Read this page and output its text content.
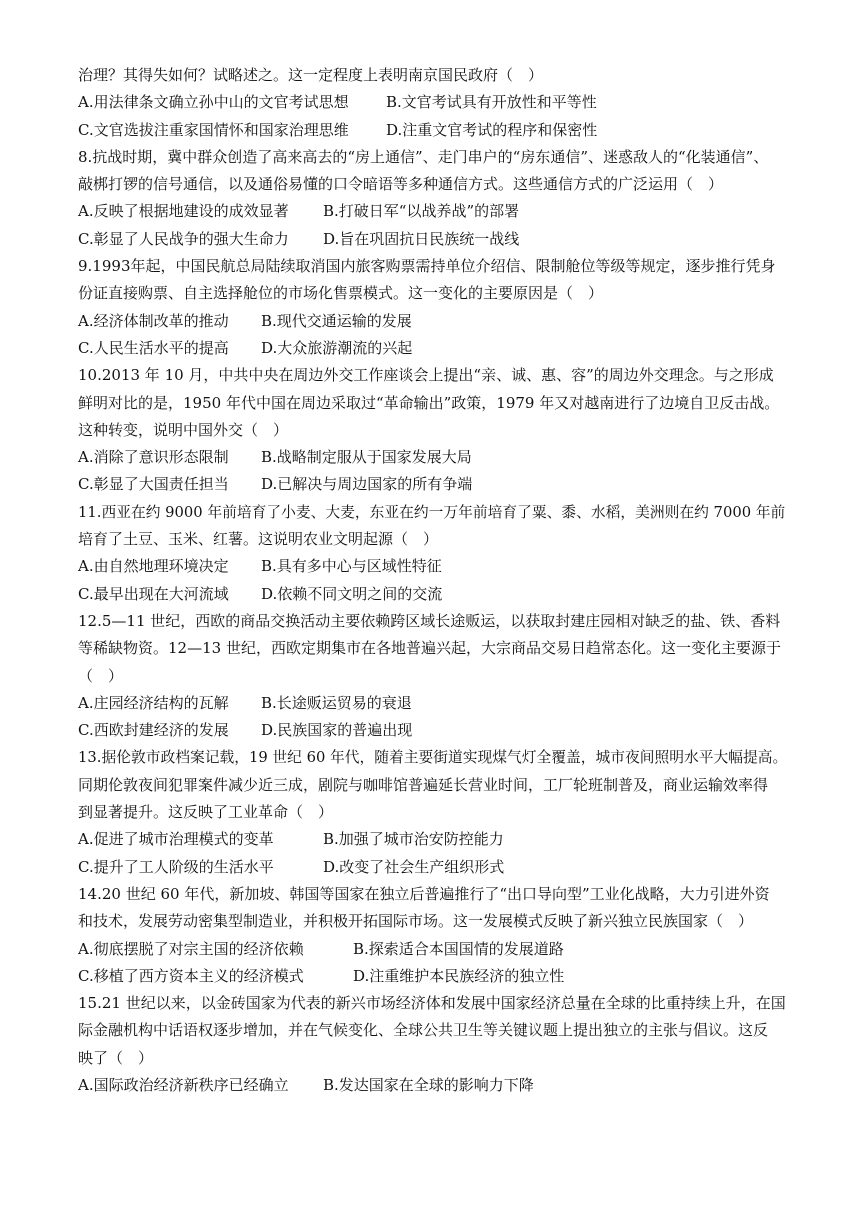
治理？其得失如何？试略述之。这一定程度上表明南京国民政府（　）
A.用法律条文确立孙中山的文官考试思想 B.文官考试具有开放性和平等性
C.文官选拔注重家国情怀和国家治理思维 D.注重文官考试的程序和保密性
8.抗战时期，冀中群众创造了高来高去的“房上通信”、走门串户的“房东通信”、迷惑敌人的“化装通信”、
敲梆打锣的信号通信，以及通俗易懂的口令暗语等多种通信方式。这些通信方式的广泛运用（　）
A.反映了根据地建设的成效显著 B.打破日军“以战养战”的部署
C.彰显了人民战争的强大生命力 D.旨在巩固抗日民族统一战线
9.1993年起，中国民航总局陆续取消国内旅客购票需持单位介绍信、限制舱位等级等规定，逐步推行凭身
份证直接购票、自主选择舱位的市场化售票模式。这一变化的主要原因是（　）
A.经济体制改革的推动 B.现代交通运输的发展
C.人民生活水平的提高 D.大众旅游潮流的兴起
10.2013 年 10 月，中共中央在周边外交工作座谈会上提出“亲、诚、惠、容”的周边外交理念。与之形成
鲜明对比的是，1950 年代中国在周边采取过“革命输出”政策，1979 年又对越南进行了边境自卫反击战。
这种转变，说明中国外交（　）
A.消除了意识形态限制 B.战略制定服从于国家发展大局
C.彰显了大国责任担当 D.已解决与周边国家的所有争端
11.西亚在约 9000 年前培育了小麦、大麦，东亚在约一万年前培育了粟、黍、水稻，美洲则在约 7000 年前
培育了土豆、玉米、红薯。这说明农业文明起源（　）
A.由自然地理环境决定 B.具有多中心与区域性特征
C.最早出现在大河流域 D.依赖不同文明之间的交流
12.5—11 世纪，西欧的商品交换活动主要依赖跨区域长途贩运，以获取封建庄园相对缺乏的盐、铁、香料
等稀缺物资。12—13 世纪，西欧定期集市在各地普遍兴起，大宗商品交易日趋常态化。这一变化主要源于
（　）
A.庄园经济结构的瓦解 B.长途贩运贸易的衰退
C.西欧封建经济的发展 D.民族国家的普遍出现
13.据伦敦市政档案记载，19 世纪 60 年代，随着主要街道实现煤气灯全覆盖，城市夜间照明水平大幅提高。
同期伦敦夜间犯罪案件减少近三成，剧院与咖啡馆普遍延长营业时间，工厂轮班制普及，商业运输效率得
到显著提升。这反映了工业革命（　）
A.促进了城市治理模式的变革	B.加强了城市治安防控能力
C.提升了工人阶级的生活水平	D.改变了社会生产组织形式
14.20 世纪 60 年代，新加坡、韩国等国家在独立后普遍推行了“出口导向型”工业化战略，大力引进外资
和技术，发展劳动密集型制造业，并积极开拓国际市场。这一发展模式反映了新兴独立民族国家（　）
A.彻底摆脱了对宗主国的经济依赖	B.探索适合本国国情的发展道路
C.移植了西方资本主义的经济模式	D.注重维护本民族经济的独立性
15.21 世纪以来，以金砖国家为代表的新兴市场经济体和发展中国家经济总量在全球的比重持续上升，在国
际金融机构中话语权逐步增加，并在气候变化、全球公共卫生等关键议题上提出独立的主张与倡议。这反
映了（　）
A.国际政治经济新秩序已经确立 B.发达国家在全球的影响力下降
